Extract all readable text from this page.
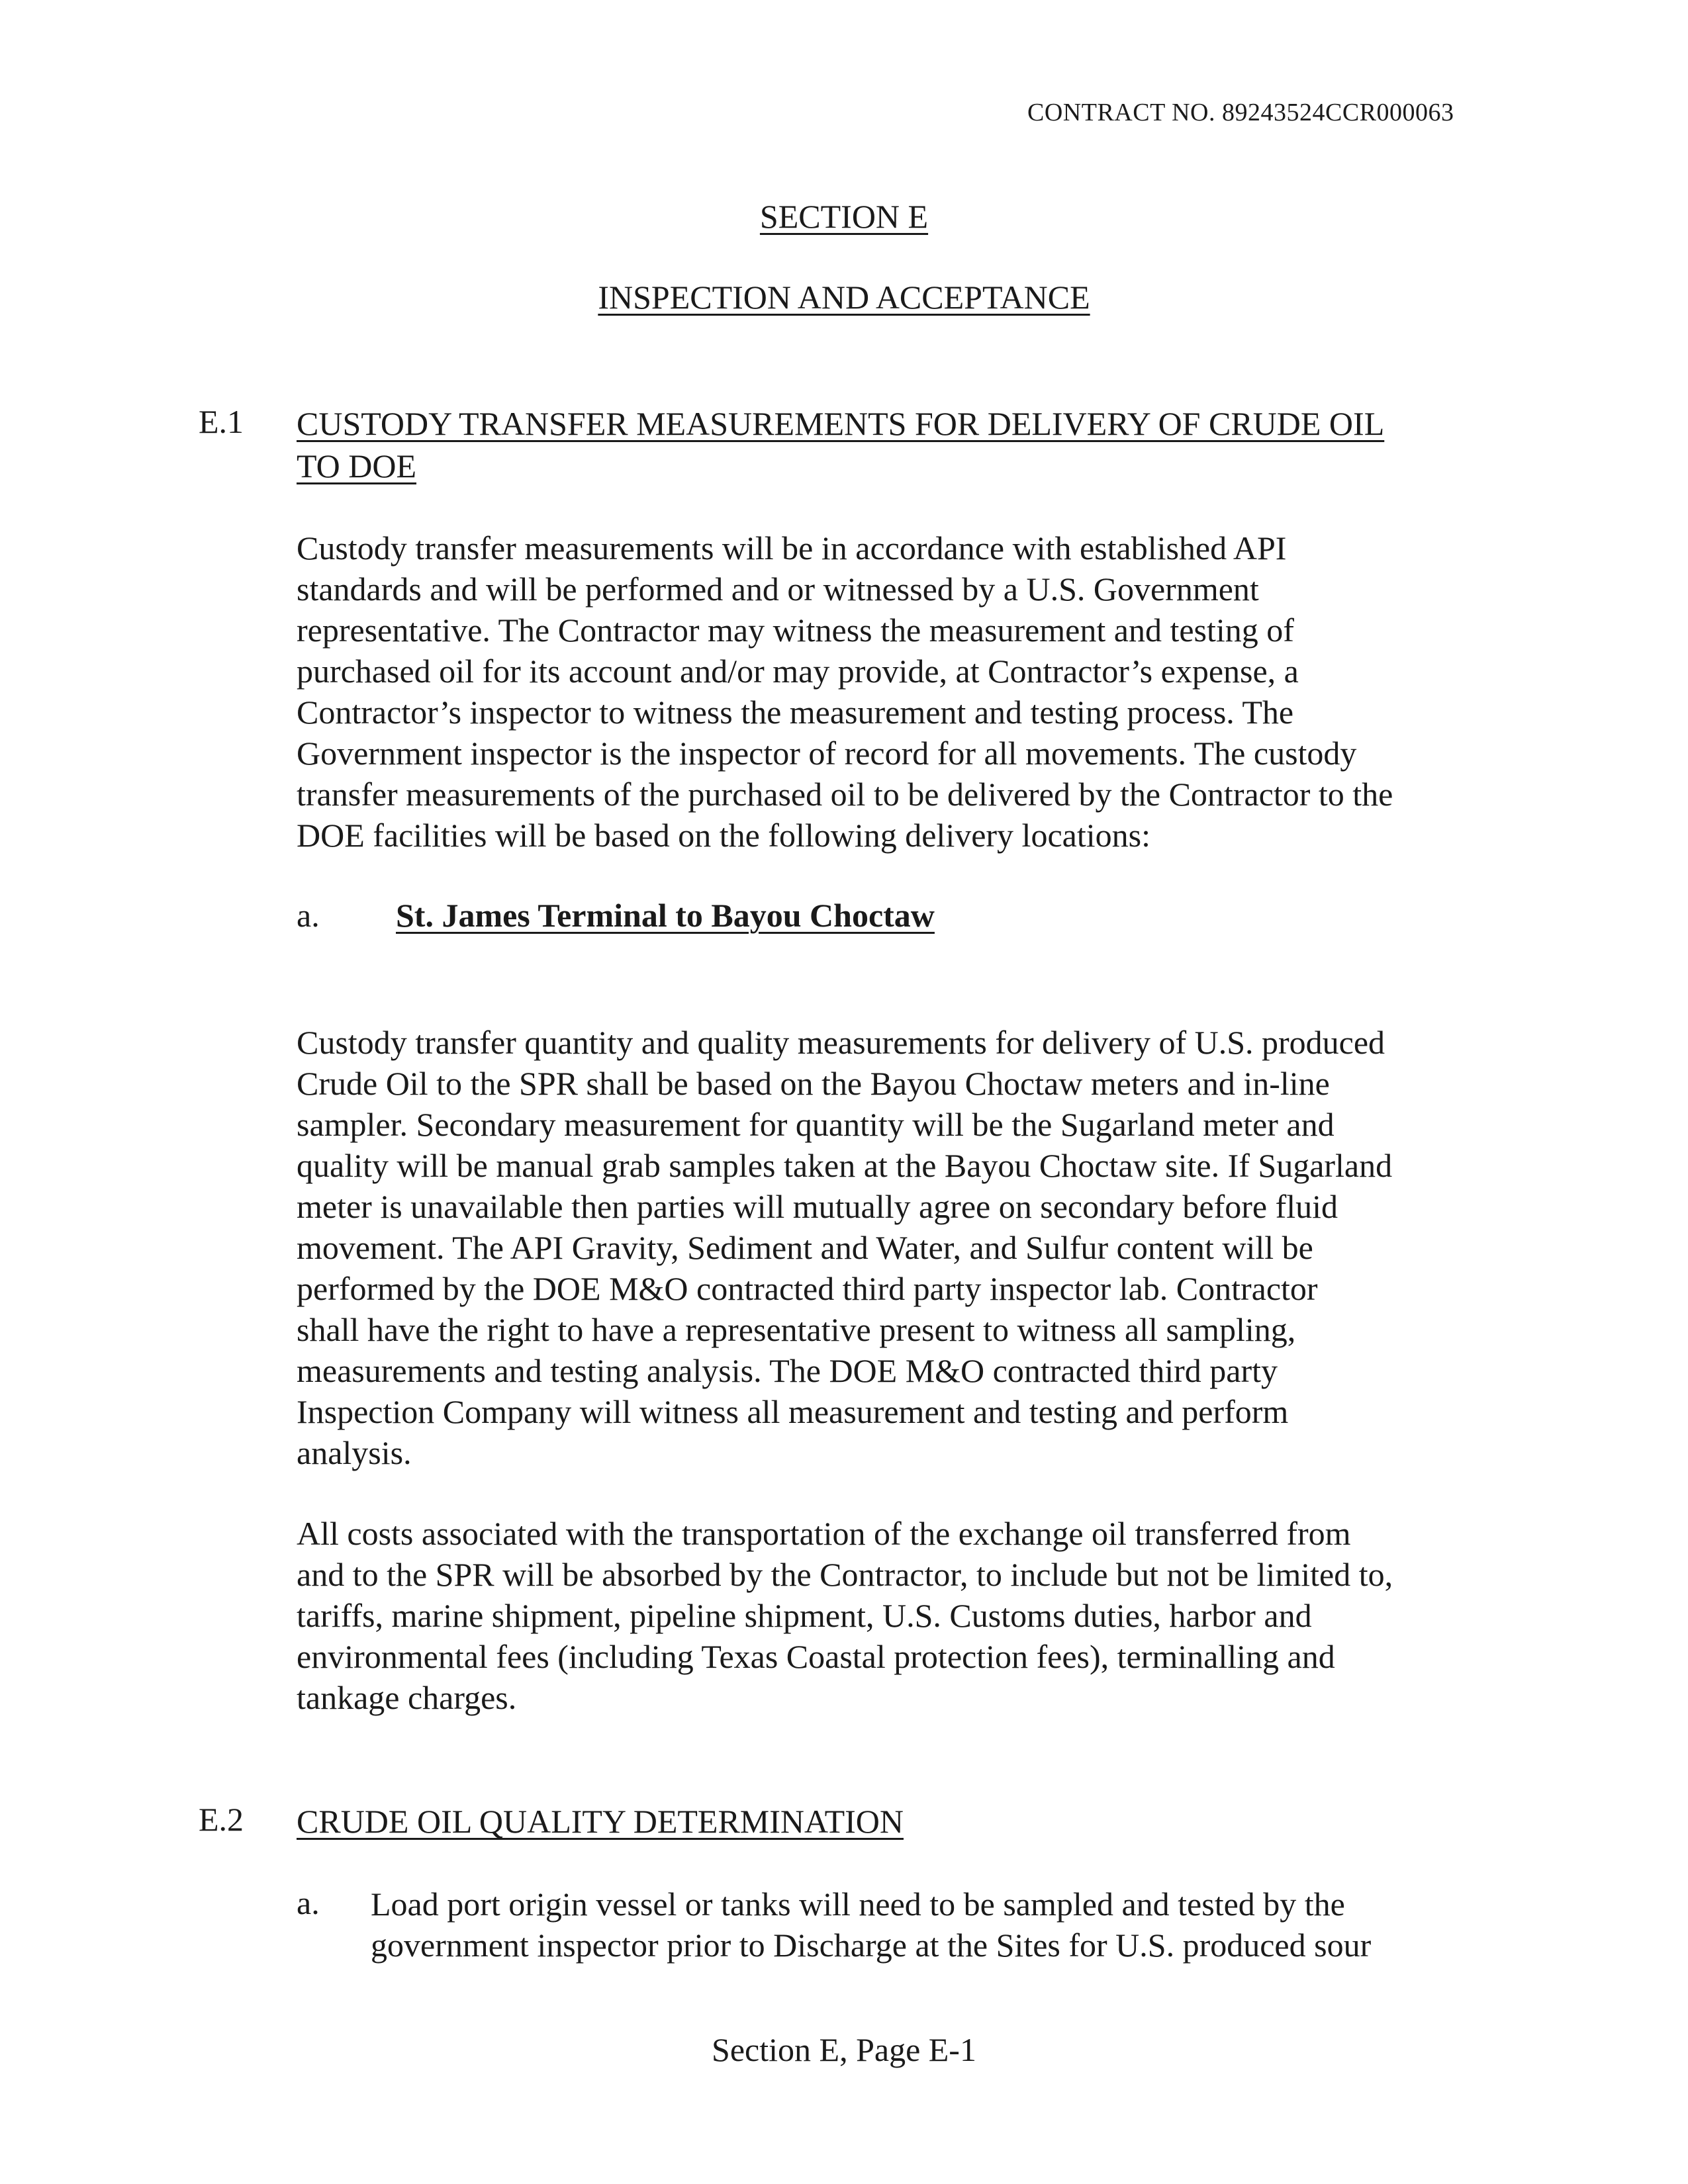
CONTRACT NO. 89243524CCR000063
SECTION E
INSPECTION AND ACCEPTANCE
E.1 CUSTODY TRANSFER MEASUREMENTS FOR DELIVERY OF CRUDE OIL
TO DOE
Custody transfer measurements will be in accordance with established API
standards and will be performed and or witnessed by a U.S. Government
representative. The Contractor may witness the measurement and testing of
purchased oil for its account and/or may provide, at Contractor’s expense, a
Contractor’s inspector to witness the measurement and testing process. The
Government inspector is the inspector of record for all movements. The custody
transfer measurements of the purchased oil to be delivered by the Contractor to the
DOE facilities will be based on the following delivery locations:
a. St. James Terminal to Bayou Choctaw
Custody transfer quantity and quality measurements for delivery of U.S. produced
Crude Oil to the SPR shall be based on the Bayou Choctaw meters and in-line
sampler. Secondary measurement for quantity will be the Sugarland meter and
quality will be manual grab samples taken at the Bayou Choctaw site. If Sugarland
meter is unavailable then parties will mutually agree on secondary before fluid
movement. The API Gravity, Sediment and Water, and Sulfur content will be
performed by the DOE M&O contracted third party inspector lab. Contractor
shall have the right to have a representative present to witness all sampling,
measurements and testing analysis. The DOE M&O contracted third party
Inspection Company will witness all measurement and testing and perform
analysis.
All costs associated with the transportation of the exchange oil transferred from
and to the SPR will be absorbed by the Contractor, to include but not be limited to,
tariffs, marine shipment, pipeline shipment, U.S. Customs duties, harbor and
environmental fees (including Texas Coastal protection fees), terminalling and
tankage charges.
E.2 CRUDE OIL QUALITY DETERMINATION
a. Load port origin vessel or tanks will need to be sampled and tested by the
government inspector prior to Discharge at the Sites for U.S. produced sour
Section E, Page E-1
